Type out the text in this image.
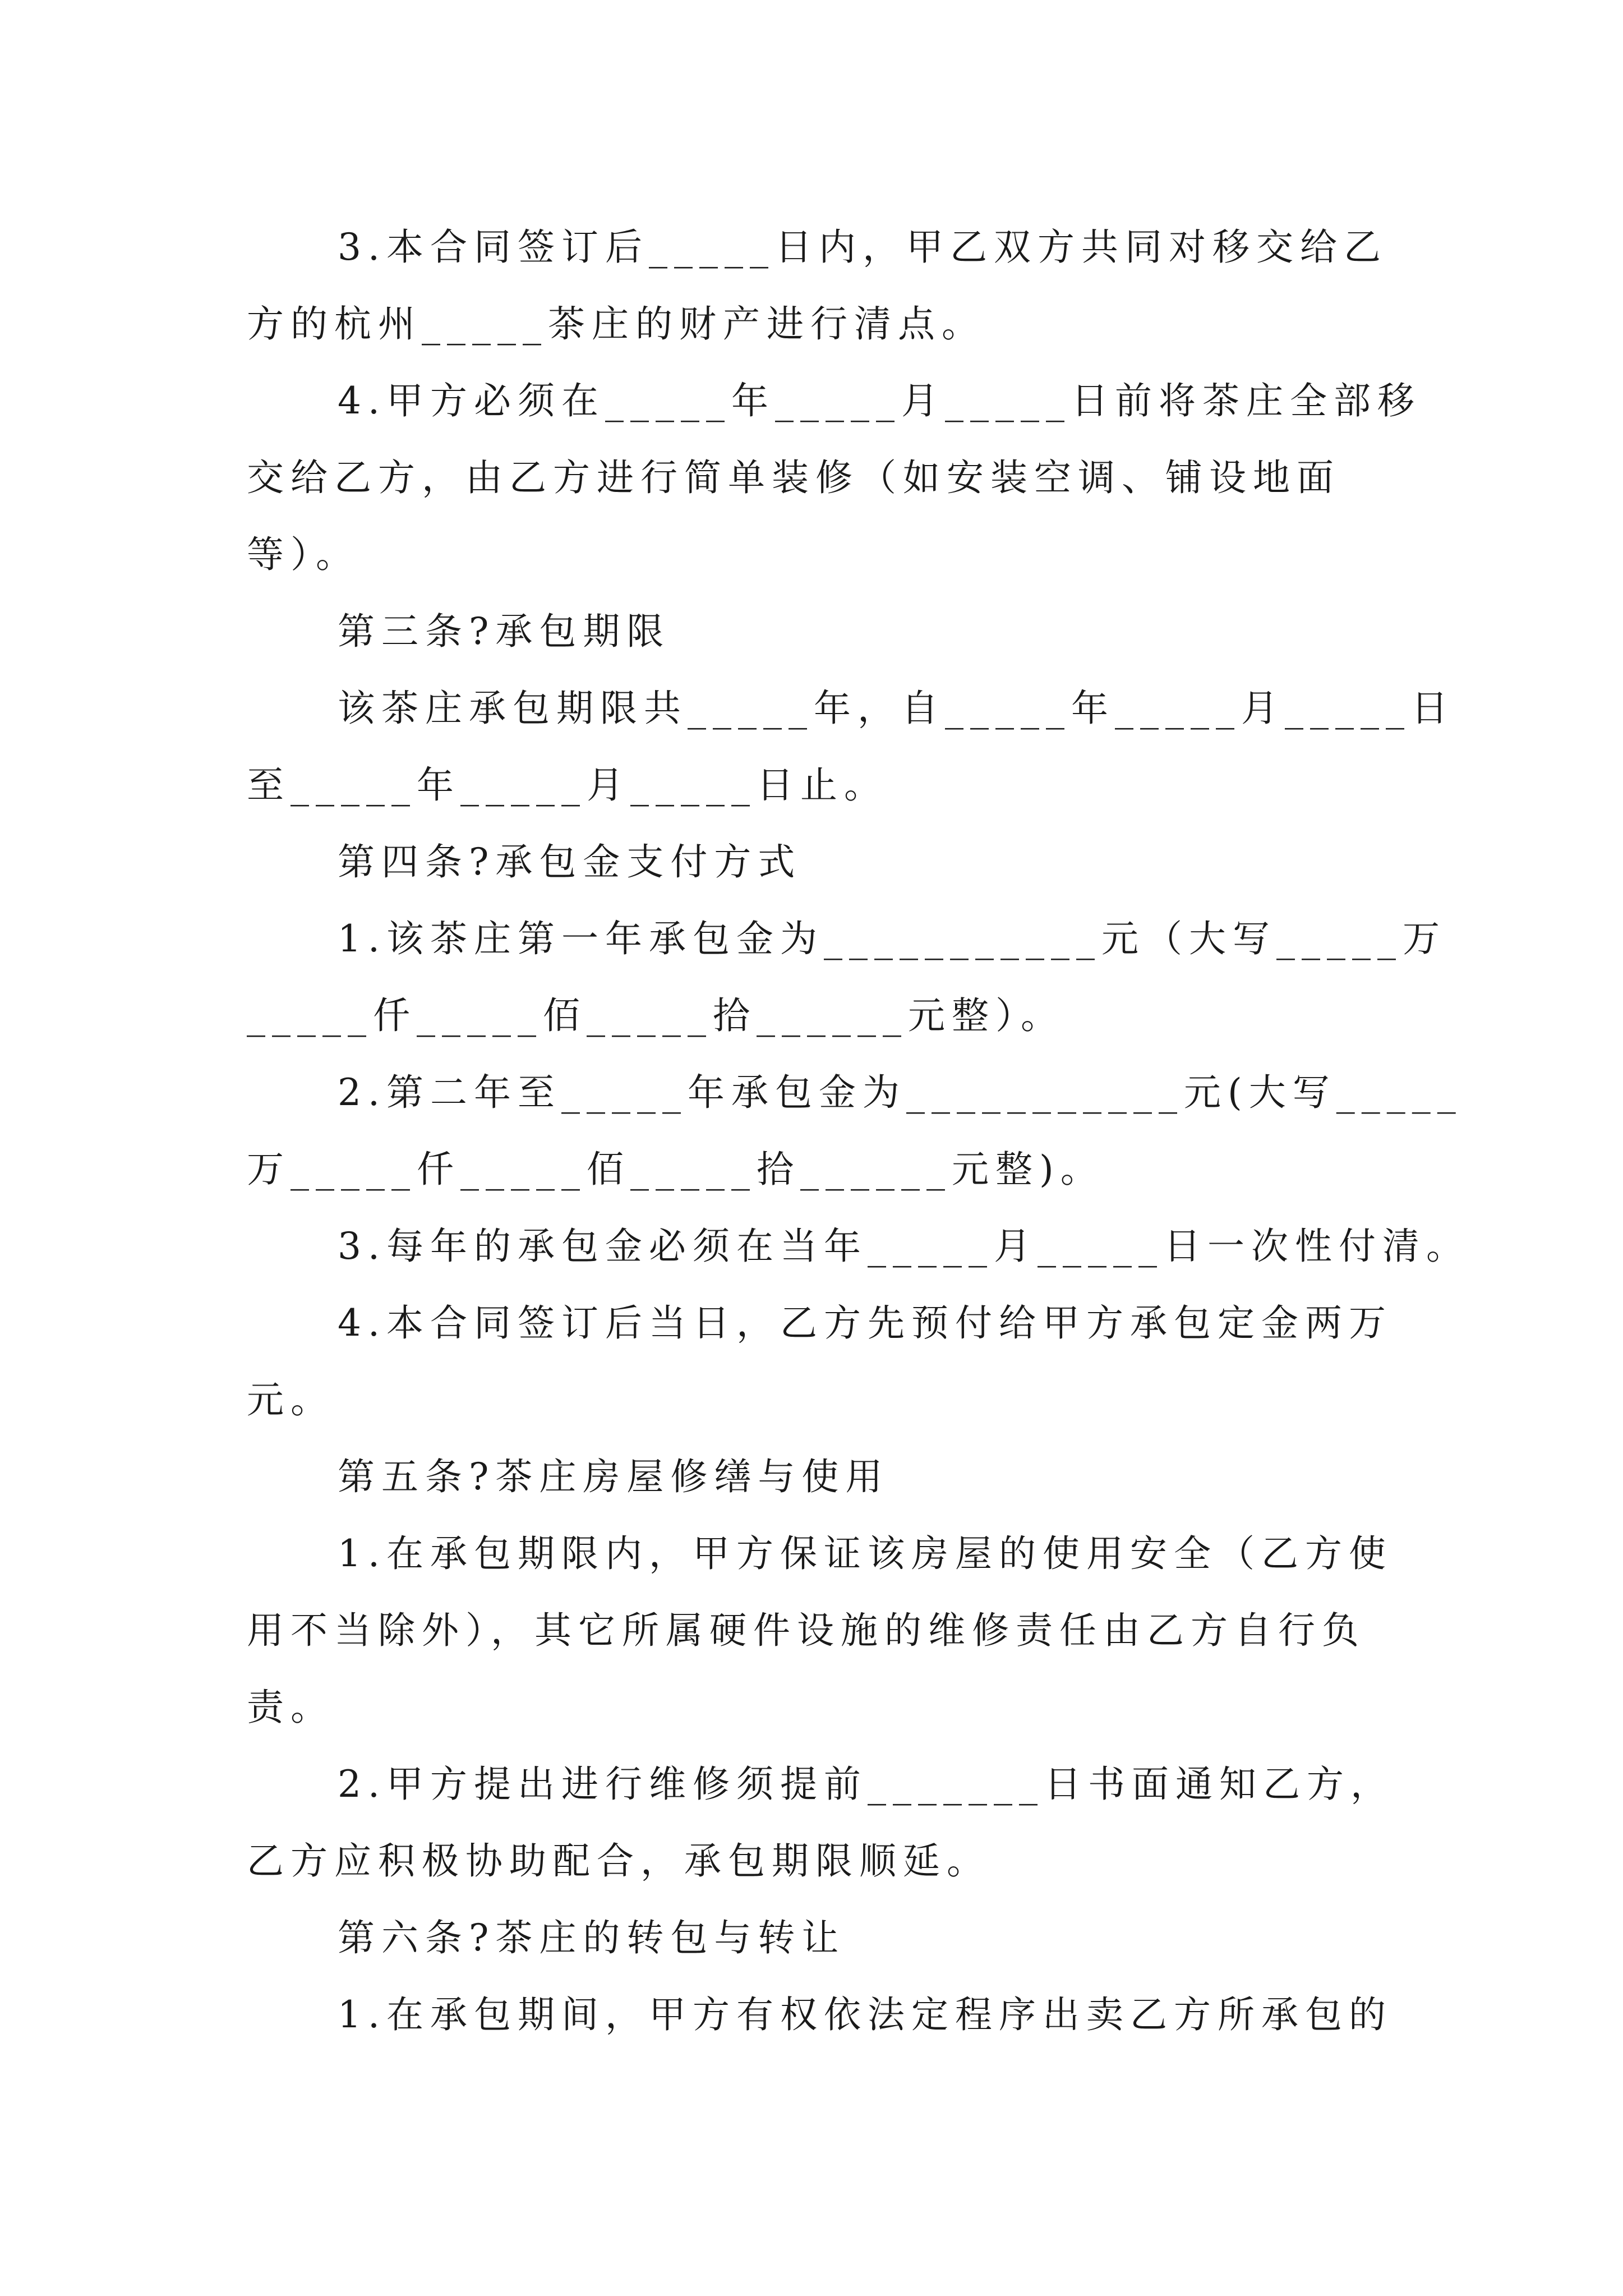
3.本合同签订后_____日内，甲乙双方共同对移交给乙
方的杭州_____茶庄的财产进行清点。
4.甲方必须在_____年_____月_____日前将茶庄全部移
交给乙方，由乙方进行简单装修（如安装空调、铺设地面
等）。
第三条?承包期限
该茶庄承包期限共_____年，自_____年_____月_____日
至_____年_____月_____日止。
第四条?承包金支付方式
1.该茶庄第一年承包金为___________元（大写_____万
_____仟_____佰_____拾______元整）。
2.第二年至_____年承包金为___________元(大写_____
万_____仟_____佰_____拾______元整)。
3.每年的承包金必须在当年_____月_____日一次性付清。
4.本合同签订后当日，乙方先预付给甲方承包定金两万
元。
第五条?茶庄房屋修缮与使用
1.在承包期限内，甲方保证该房屋的使用安全（乙方使
用不当除外），其它所属硬件设施的维修责任由乙方自行负
责。
2.甲方提出进行维修须提前_______日书面通知乙方，
乙方应积极协助配合，承包期限顺延。
第六条?茶庄的转包与转让
1.在承包期间，甲方有权依法定程序出卖乙方所承包的
